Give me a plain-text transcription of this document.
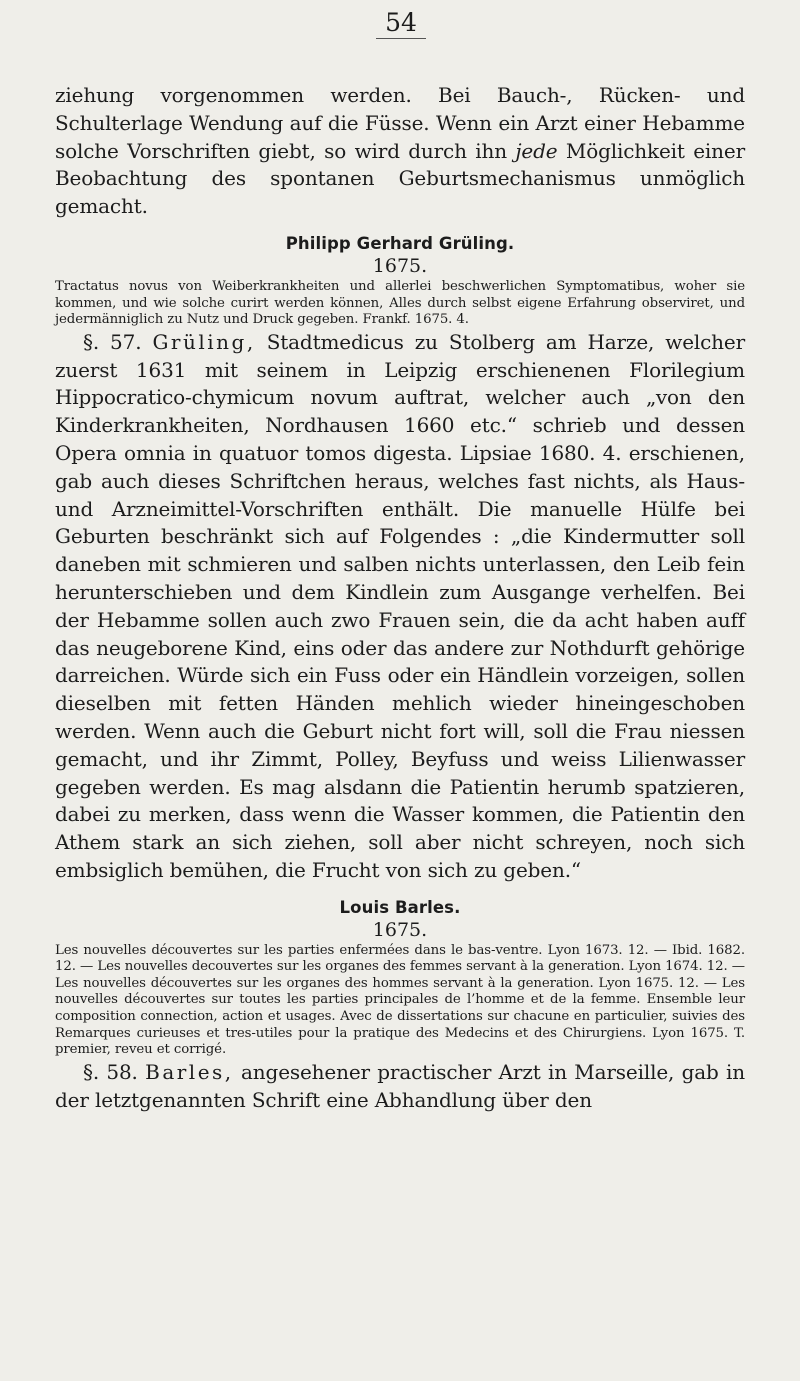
54

ziehung vorgenommen werden. Bei Bauch-, Rücken- und Schulterlage Wendung auf die Füsse. Wenn ein Arzt einer Hebamme solche Vorschriften giebt, so wird durch ihn jede Möglichkeit einer Beobachtung des spontanen Geburtsmechanismus unmöglich gemacht.

Philipp Gerhard Grüling.
1675.

Tractatus novus von Weiberkrankheiten und allerlei beschwerlichen Symptomatibus, woher sie kommen, und wie solche curirt werden können, Alles durch selbst eigene Erfahrung observiret, und jedermänniglich zu Nutz und Druck gegeben. Frankf. 1675. 4.

§. 57. Grüling, Stadtmedicus zu Stolberg am Harze, welcher zuerst 1631 mit seinem in Leipzig erschienenen Florilegium Hippocratico-chymicum novum auftrat, welcher auch „von den Kinderkrankheiten, Nordhausen 1660 etc.“ schrieb und dessen Opera omnia in quatuor tomos digesta. Lipsiae 1680. 4. erschienen, gab auch dieses Schriftchen heraus, welches fast nichts, als Haus- und Arzneimittel-Vorschriften enthält. Die manuelle Hülfe bei Geburten beschränkt sich auf Folgendes : „die Kindermutter soll daneben mit schmieren und salben nichts unterlassen, den Leib fein herunterschieben und dem Kindlein zum Ausgange verhelfen. Bei der Hebamme sollen auch zwo Frauen sein, die da acht haben auff das neugeborene Kind, eins oder das andere zur Nothdurft gehörige darreichen. Würde sich ein Fuss oder ein Händlein vorzeigen, sollen dieselben mit fetten Händen mehlich wieder hineingeschoben werden. Wenn auch die Geburt nicht fort will, soll die Frau niessen gemacht, und ihr Zimmt, Polley, Beyfuss und weiss Lilienwasser gegeben werden. Es mag alsdann die Patientin herumb spatzieren, dabei zu merken, dass wenn die Wasser kommen, die Patientin den Athem stark an sich ziehen, soll aber nicht schreyen, noch sich embsiglich bemühen, die Frucht von sich zu geben.“

Louis Barles.
1675.

Les nouvelles découvertes sur les parties enfermées dans le bas-ventre. Lyon 1673. 12. — Ibid. 1682. 12. — Les nouvelles decouvertes sur les organes des femmes servant à la generation. Lyon 1674. 12. — Les nouvelles découvertes sur les organes des hommes servant à la generation. Lyon 1675. 12. — Les nouvelles découvertes sur toutes les parties principales de l’homme et de la femme. Ensemble leur composition connection, action et usages. Avec de dissertations sur chacune en particulier, suivies des Remarques curieuses et tres-utiles pour la pratique des Medecins et des Chirurgiens. Lyon 1675. T. premier, reveu et corrigé.

§. 58. Barles, angesehener practischer Arzt in Marseille, gab in der letztgenannten Schrift eine Abhandlung über den
